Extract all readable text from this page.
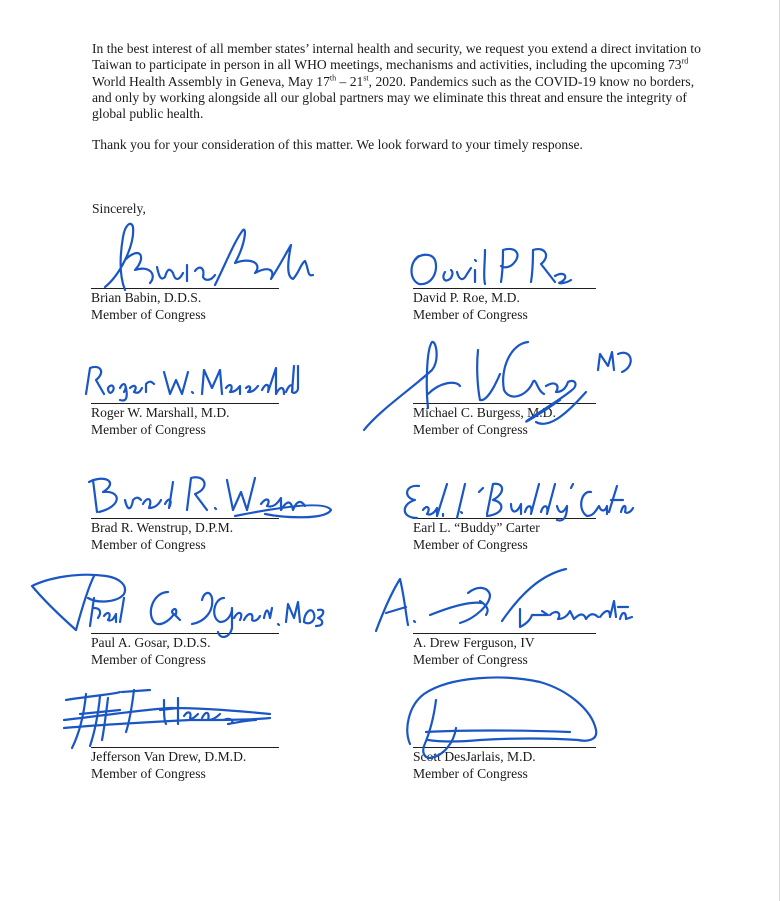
In the best interest of all member states’ internal health and security, we request you extend a direct invitation to Taiwan to participate in person in all WHO meetings, mechanisms and activities, including the upcoming 73rd World Health Assembly in Geneva, May 17th – 21st, 2020. Pandemics such as the COVID-19 know no borders, and only by working alongside all our global partners may we eliminate this threat and ensure the integrity of global public health.

Thank you for your consideration of this matter. We look forward to your timely response.

Sincerely,

Brian Babin, D.D.S.
Member of Congress
David P. Roe, M.D.
Member of Congress
Roger W. Marshall, M.D.
Member of Congress
Michael C. Burgess, M.D.
Member of Congress
Brad R. Wenstrup, D.P.M.
Member of Congress
Earl L. “Buddy” Carter
Member of Congress
Paul A. Gosar, D.D.S.
Member of Congress
A. Drew Ferguson, IV
Member of Congress
Jefferson Van Drew, D.M.D.
Member of Congress
Scott DesJarlais, M.D.
Member of Congress
